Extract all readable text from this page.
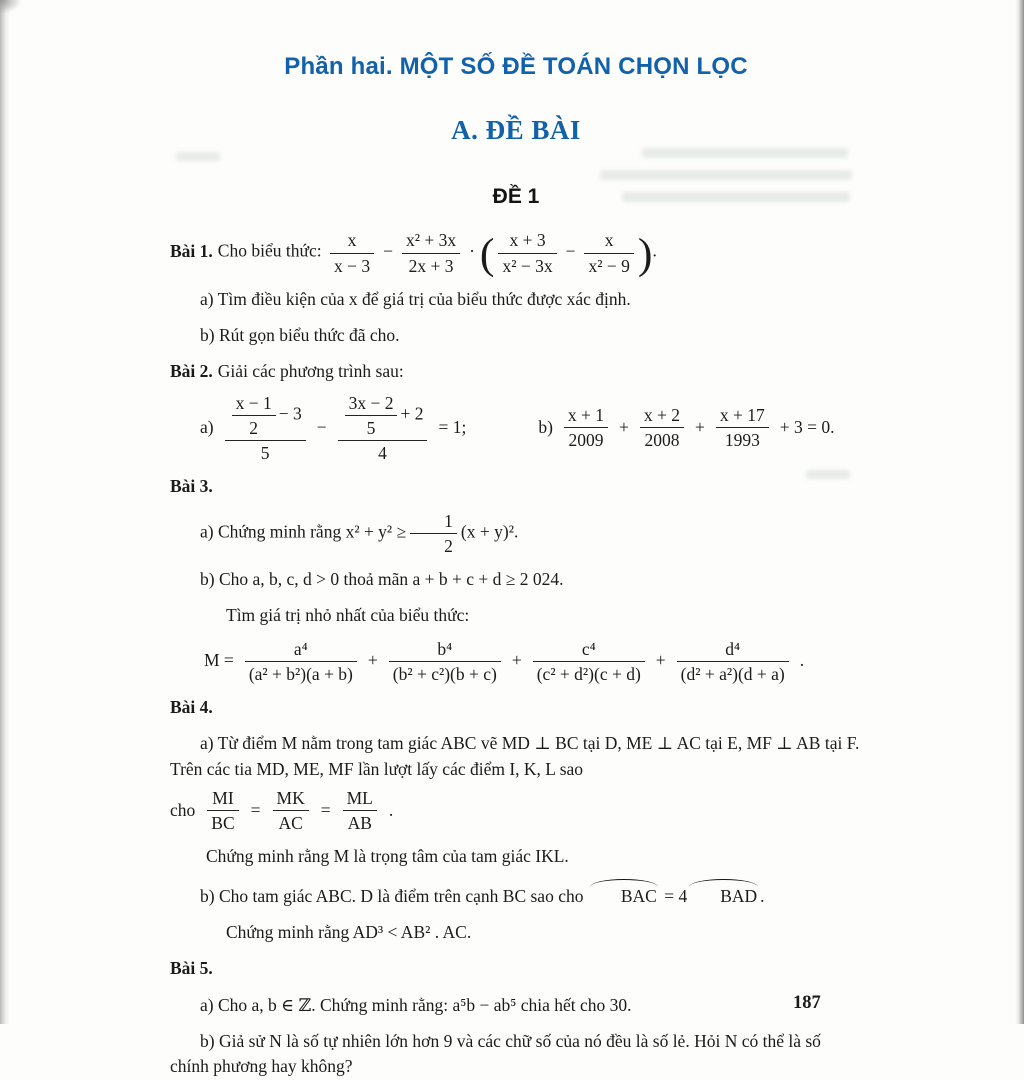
Phần hai. MỘT SỐ ĐỀ TOÁN CHỌN LỌC
A. ĐỀ BÀI
ĐỀ 1

Bài 1. Cho biểu thức: $\frac{x}{x - 3} - \frac{\text{x² + 3x}}{2x + 3}$ · ( $\frac{x + 3}{\text{x² − 3x}} - \frac{x}{\text{x² − 9}}$ ).

a) Tìm điều kiện của x để giá trị của biểu thức được xác định.

b) Rút gọn biểu thức đã cho.

Bài 2. Giải các phương trình sau:

$a) \frac{\frac{x - 1}{2} - 3}{5} - \frac{\frac{3x - 2}{5} + 2}{4} = 1$;	$b) \frac{x + 1}{2009} + \frac{x + 2}{2008} + \frac{x + 17}{1993} + 3 = 0$.

Bài 3.

a) Chứng minh rằng $x^2 + y^2 \ge \frac{1}{2} (x + y)^2$.

b) Cho a, b, c, d > 0 thoả mãn a + b + c + d ≥ 2 024.

Tìm giá trị nhỏ nhất của biểu thức:

$M = \frac{\text{a⁴}}{\text{(a² + b²)(a + b)}} + \frac{\text{b⁴}}{\text{(b² + c²)(b + c)}} + \frac{\text{c⁴}}{\text{(c² + d²)(c + d)}} + \frac{\text{d⁴}}{\text{(d² + a²)(d + a)}}$ .

Bài 4.

a) Từ điểm M nằm trong tam giác ABC vẽ MD ⊥ BC tại D, ME ⊥ AC tại E, MF ⊥ AB tại F. Trên các tia MD, ME, MF lần lượt lấy các điểm I, K, L sao

cho $\frac{MI}{BC} = \frac{MK}{AC} = \frac{ML}{AB}$ .

Chứng minh rằng M là trọng tâm của tam giác IKL.

b) Cho tam giác ABC. D là điểm trên cạnh BC sao cho BAC = 4 BAD .

Chứng minh rằng AD³ < AB² . AC.

Bài 5.

a) Cho a, b ∈ ℤ. Chứng minh rằng: a⁵b − ab⁵ chia hết cho 30.

b) Giả sử N là số tự nhiên lớn hơn 9 và các chữ số của nó đều là số lẻ. Hỏi N có thể là số chính phương hay không?

187
